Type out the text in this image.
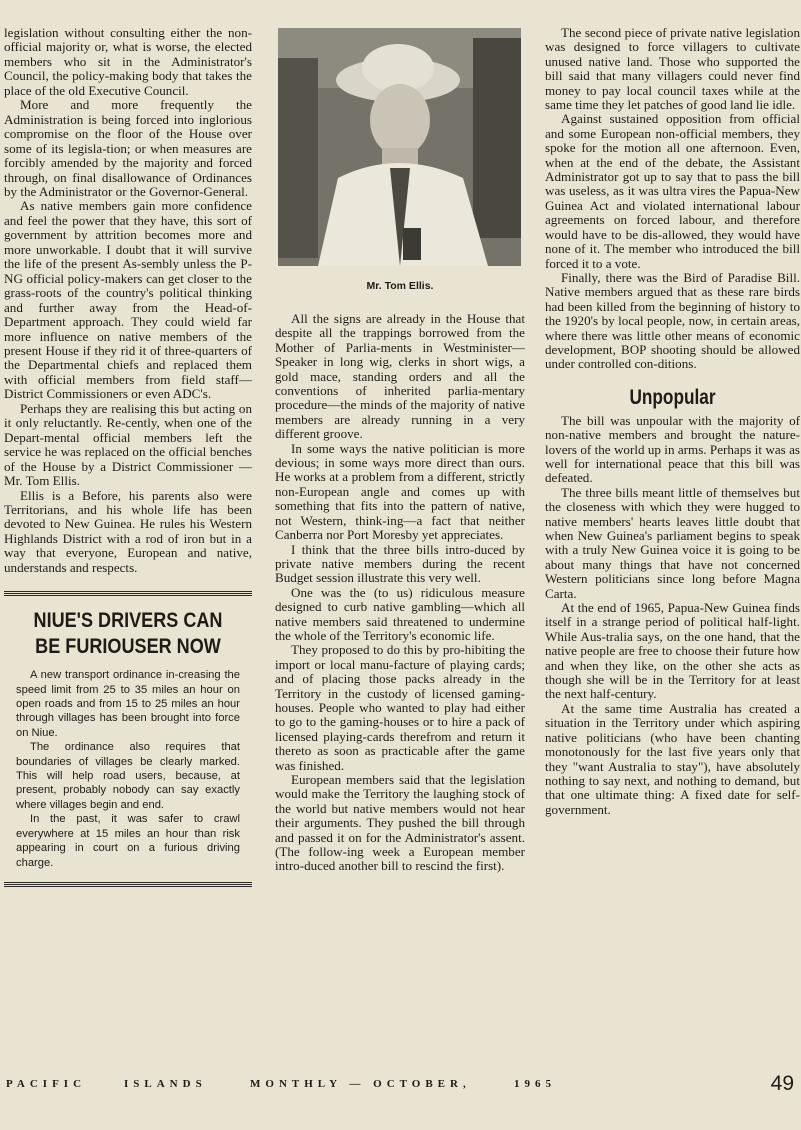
legislation without consulting either the non-official majority or, what is worse, the elected members who sit in the Administrator's Council, the policy-making body that takes the place of the old Executive Council.

More and more frequently the Administration is being forced into inglorious compromise on the floor of the House over some of its legisla-tion; or when measures are forcibly amended by the majority and forced through, on final disallowance of Ordinances by the Administrator or the Governor-General.

As native members gain more confidence and feel the power that they have, this sort of government by attrition becomes more and more unworkable. I doubt that it will survive the life of the present As-sembly unless the P-NG official policy-makers can get closer to the grass-roots of the country's political thinking and further away from the Head-of-Department approach. They could wield far more influence on native members of the present House if they rid it of three-quarters of the Departmental chiefs and replaced them with official members from field staff—District Commissioners or even ADC's.

Perhaps they are realising this but acting on it only reluctantly. Re-cently, when one of the Depart-mental official members left the service he was replaced on the official benches of the House by a District Commissioner — Mr. Tom Ellis.

Ellis is a Before, his parents also were Territorians, and his whole life has been devoted to New Guinea. He rules his Western Highlands District with a rod of iron but in a way that everyone, European and native, understands and respects.

NIUE'S DRIVERS CAN
BE FURIOUSER NOW

A new transport ordinance in-creasing the speed limit from 25 to 35 miles an hour on open roads and from 15 to 25 miles an hour through villages has been brought into force on Niue.

The ordinance also requires that boundaries of villages be clearly marked. This will help road users, because, at present, probably nobody can say exactly where villages begin and end.

In the past, it was safer to crawl everywhere at 15 miles an hour than risk appearing in court on a furious driving charge.

Mr. Tom Ellis.

All the signs are already in the House that despite all the trappings borrowed from the Mother of Parlia-ments in Westminister—Speaker in long wig, clerks in short wigs, a gold mace, standing orders and all the conventions of inherited parlia-mentary procedure—the minds of the majority of native members are already running in a very different groove.

In some ways the native politician is more devious; in some ways more direct than ours. He works at a problem from a different, strictly non-European angle and comes up with something that fits into the pattern of native, not Western, think-ing—a fact that neither Canberra nor Port Moresby yet appreciates.

I think that the three bills intro-duced by private native members during the recent Budget session illustrate this very well.

One was the (to us) ridiculous measure designed to curb native gambling—which all native members said threatened to undermine the whole of the Territory's economic life.

They proposed to do this by pro-hibiting the import or local manu-facture of playing cards; and of placing those packs already in the Territory in the custody of licensed gaming-houses. People who wanted to play had either to go to the gaming-houses or to hire a pack of licensed playing-cards therefrom and return it thereto as soon as practicable after the game was finished.

European members said that the legislation would make the Territory the laughing stock of the world but native members would not hear their arguments. They pushed the bill through and passed it on for the Administrator's assent. (The follow-ing week a European member intro-duced another bill to rescind the first).

The second piece of private native legislation was designed to force villagers to cultivate unused native land. Those who supported the bill said that many villagers could never find money to pay local council taxes while at the same time they let patches of good land lie idle.

Against sustained opposition from official and some European non-official members, they spoke for the motion all one afternoon. Even, when at the end of the debate, the Assistant Administrator got up to say that to pass the bill was useless, as it was ultra vires the Papua-New Guinea Act and violated international labour agreements on forced labour, and therefore would have to be dis-allowed, they would have none of it. The member who introduced the bill forced it to a vote.

Finally, there was the Bird of Paradise Bill. Native members argued that as these rare birds had been killed from the beginning of history to the 1920's by local people, now, in certain areas, where there was little other means of economic development, BOP shooting should be allowed under controlled con-ditions.

Unpopular

The bill was unpoular with the majority of non-native members and brought the nature-lovers of the world up in arms. Perhaps it was as well for international peace that this bill was defeated.

The three bills meant little of themselves but the closeness with which they were hugged to native members' hearts leaves little doubt that when New Guinea's parliament begins to speak with a truly New Guinea voice it is going to be about many things that have not concerned Western politicians since long before Magna Carta.

At the end of 1965, Papua-New Guinea finds itself in a strange period of political half-light. While Aus-tralia says, on the one hand, that the native people are free to choose their future how and when they like, on the other she acts as though she will be in the Territory for at least the next half-century.

At the same time Australia has created a situation in the Territory under which aspiring native politicians (who have been chanting monotonously for the last five years only that they "want Australia to stay"), have absolutely nothing to say next, and nothing to demand, but that one ultimate thing: A fixed date for self-government.

PACIFIC	ISLANDS	MONTHLY — OCTOBER,	1965	49
